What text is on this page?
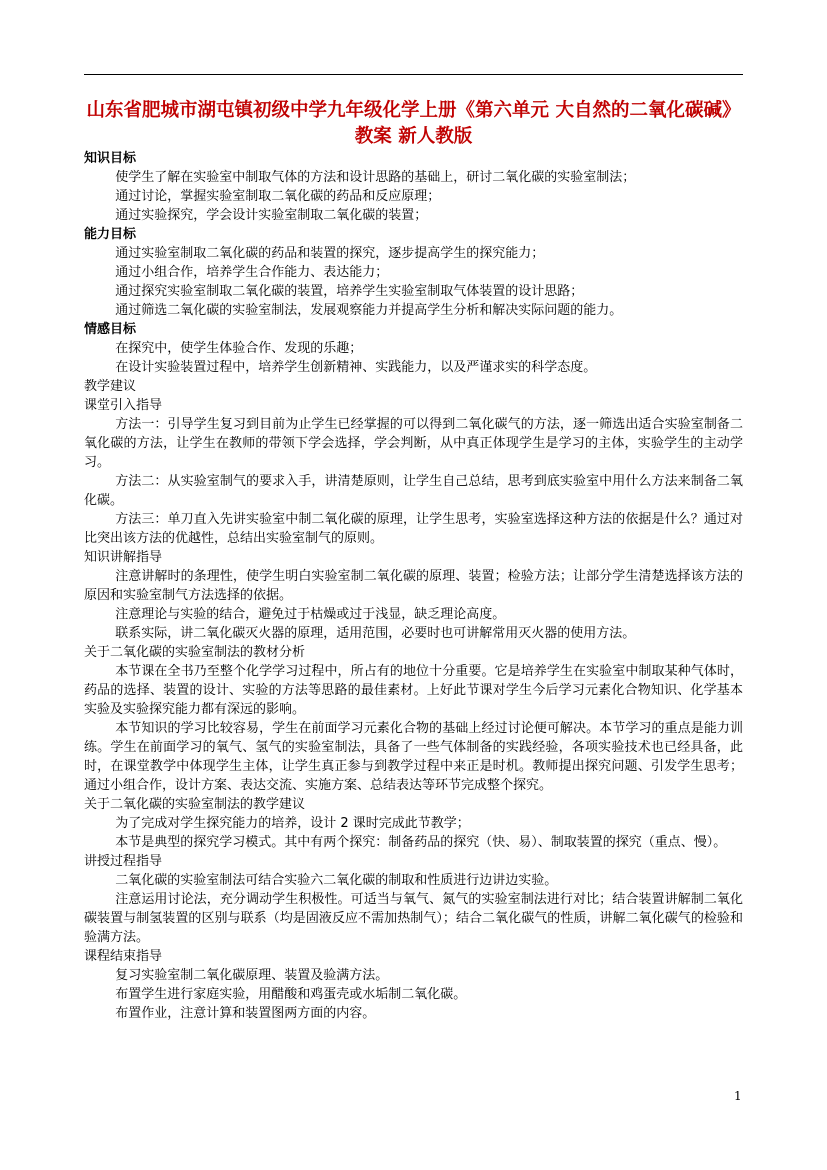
山东省肥城市湖屯镇初级中学九年级化学上册《第六单元 大自然的二氧化碳碱》教案 新人教版

知识目标

使学生了解在实验室中制取气体的方法和设计思路的基础上，研讨二氧化碳的实验室制法；

通过讨论，掌握实验室制取二氧化碳的药品和反应原理；

通过实验探究，学会设计实验室制取二氧化碳的装置；

能力目标

通过实验室制取二氧化碳的药品和装置的探究，逐步提高学生的探究能力；

通过小组合作，培养学生合作能力、表达能力；

通过探究实验室制取二氧化碳的装置，培养学生实验室制取气体装置的设计思路；

通过筛选二氧化碳的实验室制法，发展观察能力并提高学生分析和解决实际问题的能力。

情感目标

在探究中，使学生体验合作、发现的乐趣；

在设计实验装置过程中，培养学生创新精神、实践能力，以及严谨求实的科学态度。

教学建议

课堂引入指导

方法一：引导学生复习到目前为止学生已经掌握的可以得到二氧化碳气的方法，逐一筛选出适合实验室制备二氧化碳的方法，让学生在教师的带领下学会选择，学会判断，从中真正体现学生是学习的主体，实验学生的主动学习。

方法二：从实验室制气的要求入手，讲清楚原则，让学生自己总结，思考到底实验室中用什么方法来制备二氧化碳。

方法三：单刀直入先讲实验室中制二氧化碳的原理，让学生思考，实验室选择这种方法的依据是什么？通过对比突出该方法的优越性，总结出实验室制气的原则。

知识讲解指导

注意讲解时的条理性，使学生明白实验室制二氧化碳的原理、装置；检验方法；让部分学生清楚选择该方法的原因和实验室制气方法选择的依据。

注意理论与实验的结合，避免过于枯燥或过于浅显，缺乏理论高度。

联系实际，讲二氧化碳灭火器的原理，适用范围，必要时也可讲解常用灭火器的使用方法。

关于二氧化碳的实验室制法的教材分析

本节课在全书乃至整个化学学习过程中，所占有的地位十分重要。它是培养学生在实验室中制取某种气体时，药品的选择、装置的设计、实验的方法等思路的最佳素材。上好此节课对学生今后学习元素化合物知识、化学基本实验及实验探究能力都有深远的影响。

本节知识的学习比较容易，学生在前面学习元素化合物的基础上经过讨论便可解决。本节学习的重点是能力训练。学生在前面学习的氧气、氢气的实验室制法，具备了一些气体制备的实践经验，各项实验技术也已经具备，此时，在课堂教学中体现学生主体，让学生真正参与到教学过程中来正是时机。教师提出探究问题、引发学生思考；通过小组合作，设计方案、表达交流、实施方案、总结表达等环节完成整个探究。

关于二氧化碳的实验室制法的教学建议

为了完成对学生探究能力的培养，设计 2 课时完成此节教学；

本节是典型的探究学习模式。其中有两个探究：制备药品的探究（快、易）、制取装置的探究（重点、慢）。

讲授过程指导

二氧化碳的实验室制法可结合实验六二氧化碳的制取和性质进行边讲边实验。

注意运用讨论法，充分调动学生积极性。可适当与氧气、氮气的实验室制法进行对比；结合装置讲解制二氧化碳装置与制氢装置的区别与联系（均是固液反应不需加热制气）；结合二氧化碳气的性质，讲解二氧化碳气的检验和验满方法。

课程结束指导

复习实验室制二氧化碳原理、装置及验满方法。

布置学生进行家庭实验，用醋酸和鸡蛋壳或水垢制二氧化碳。

布置作业，注意计算和装置图两方面的内容。

1
